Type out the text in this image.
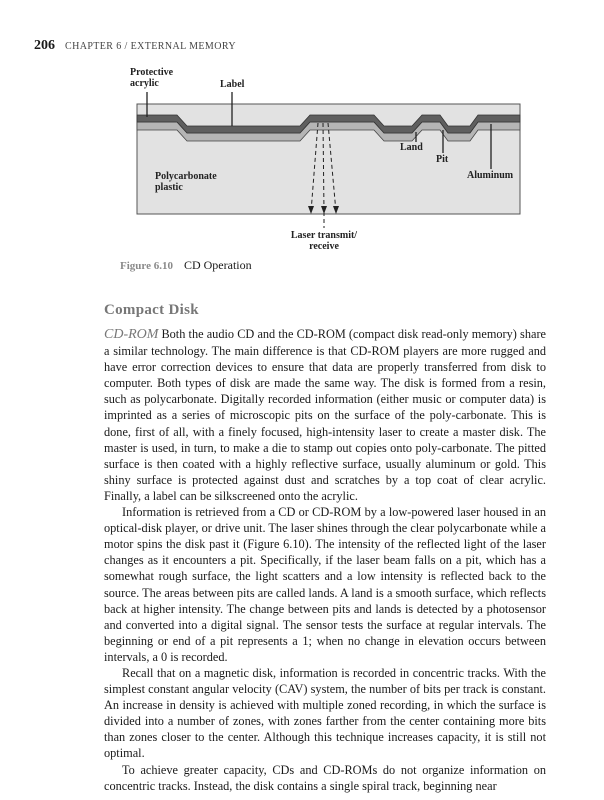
206 CHAPTER 6 / EXTERNAL MEMORY
Protective
acrylic	Label
Land
Pit
Aluminum
Polycarbonate
plastic
Laser transmit/
receive
Figure 6.10 CD Operation
Compact Disk

CD-ROM Both the audio CD and the CD-ROM (compact disk read-only memory) share a similar technology. The main difference is that CD-ROM players are more rugged and have error correction devices to ensure that data are properly transferred from disk to computer. Both types of disk are made the same way. The disk is formed from a resin, such as polycarbonate. Digitally recorded information (either music or computer data) is imprinted as a series of microscopic pits on the surface of the poly-carbonate. This is done, first of all, with a finely focused, high-intensity laser to create a master disk. The master is used, in turn, to make a die to stamp out copies onto poly-carbonate. The pitted surface is then coated with a highly reflective surface, usually aluminum or gold. This shiny surface is protected against dust and scratches by a top coat of clear acrylic. Finally, a label can be silkscreened onto the acrylic.

Information is retrieved from a CD or CD-ROM by a low-powered laser housed in an optical-disk player, or drive unit. The laser shines through the clear polycarbonate while a motor spins the disk past it (Figure 6.10). The intensity of the reflected light of the laser changes as it encounters a pit. Specifically, if the laser beam falls on a pit, which has a somewhat rough surface, the light scatters and a low intensity is reflected back to the source. The areas between pits are called lands. A land is a smooth surface, which reflects back at higher intensity. The change between pits and lands is detected by a photosensor and converted into a digital signal. The sensor tests the surface at regular intervals. The beginning or end of a pit represents a 1; when no change in elevation occurs between intervals, a 0 is recorded.

Recall that on a magnetic disk, information is recorded in concentric tracks. With the simplest constant angular velocity (CAV) system, the number of bits per track is constant. An increase in density is achieved with multiple zoned recording, in which the surface is divided into a number of zones, with zones farther from the center containing more bits than zones closer to the center. Although this technique increases capacity, it is still not optimal.

To achieve greater capacity, CDs and CD-ROMs do not organize information on concentric tracks. Instead, the disk contains a single spiral track, beginning near
